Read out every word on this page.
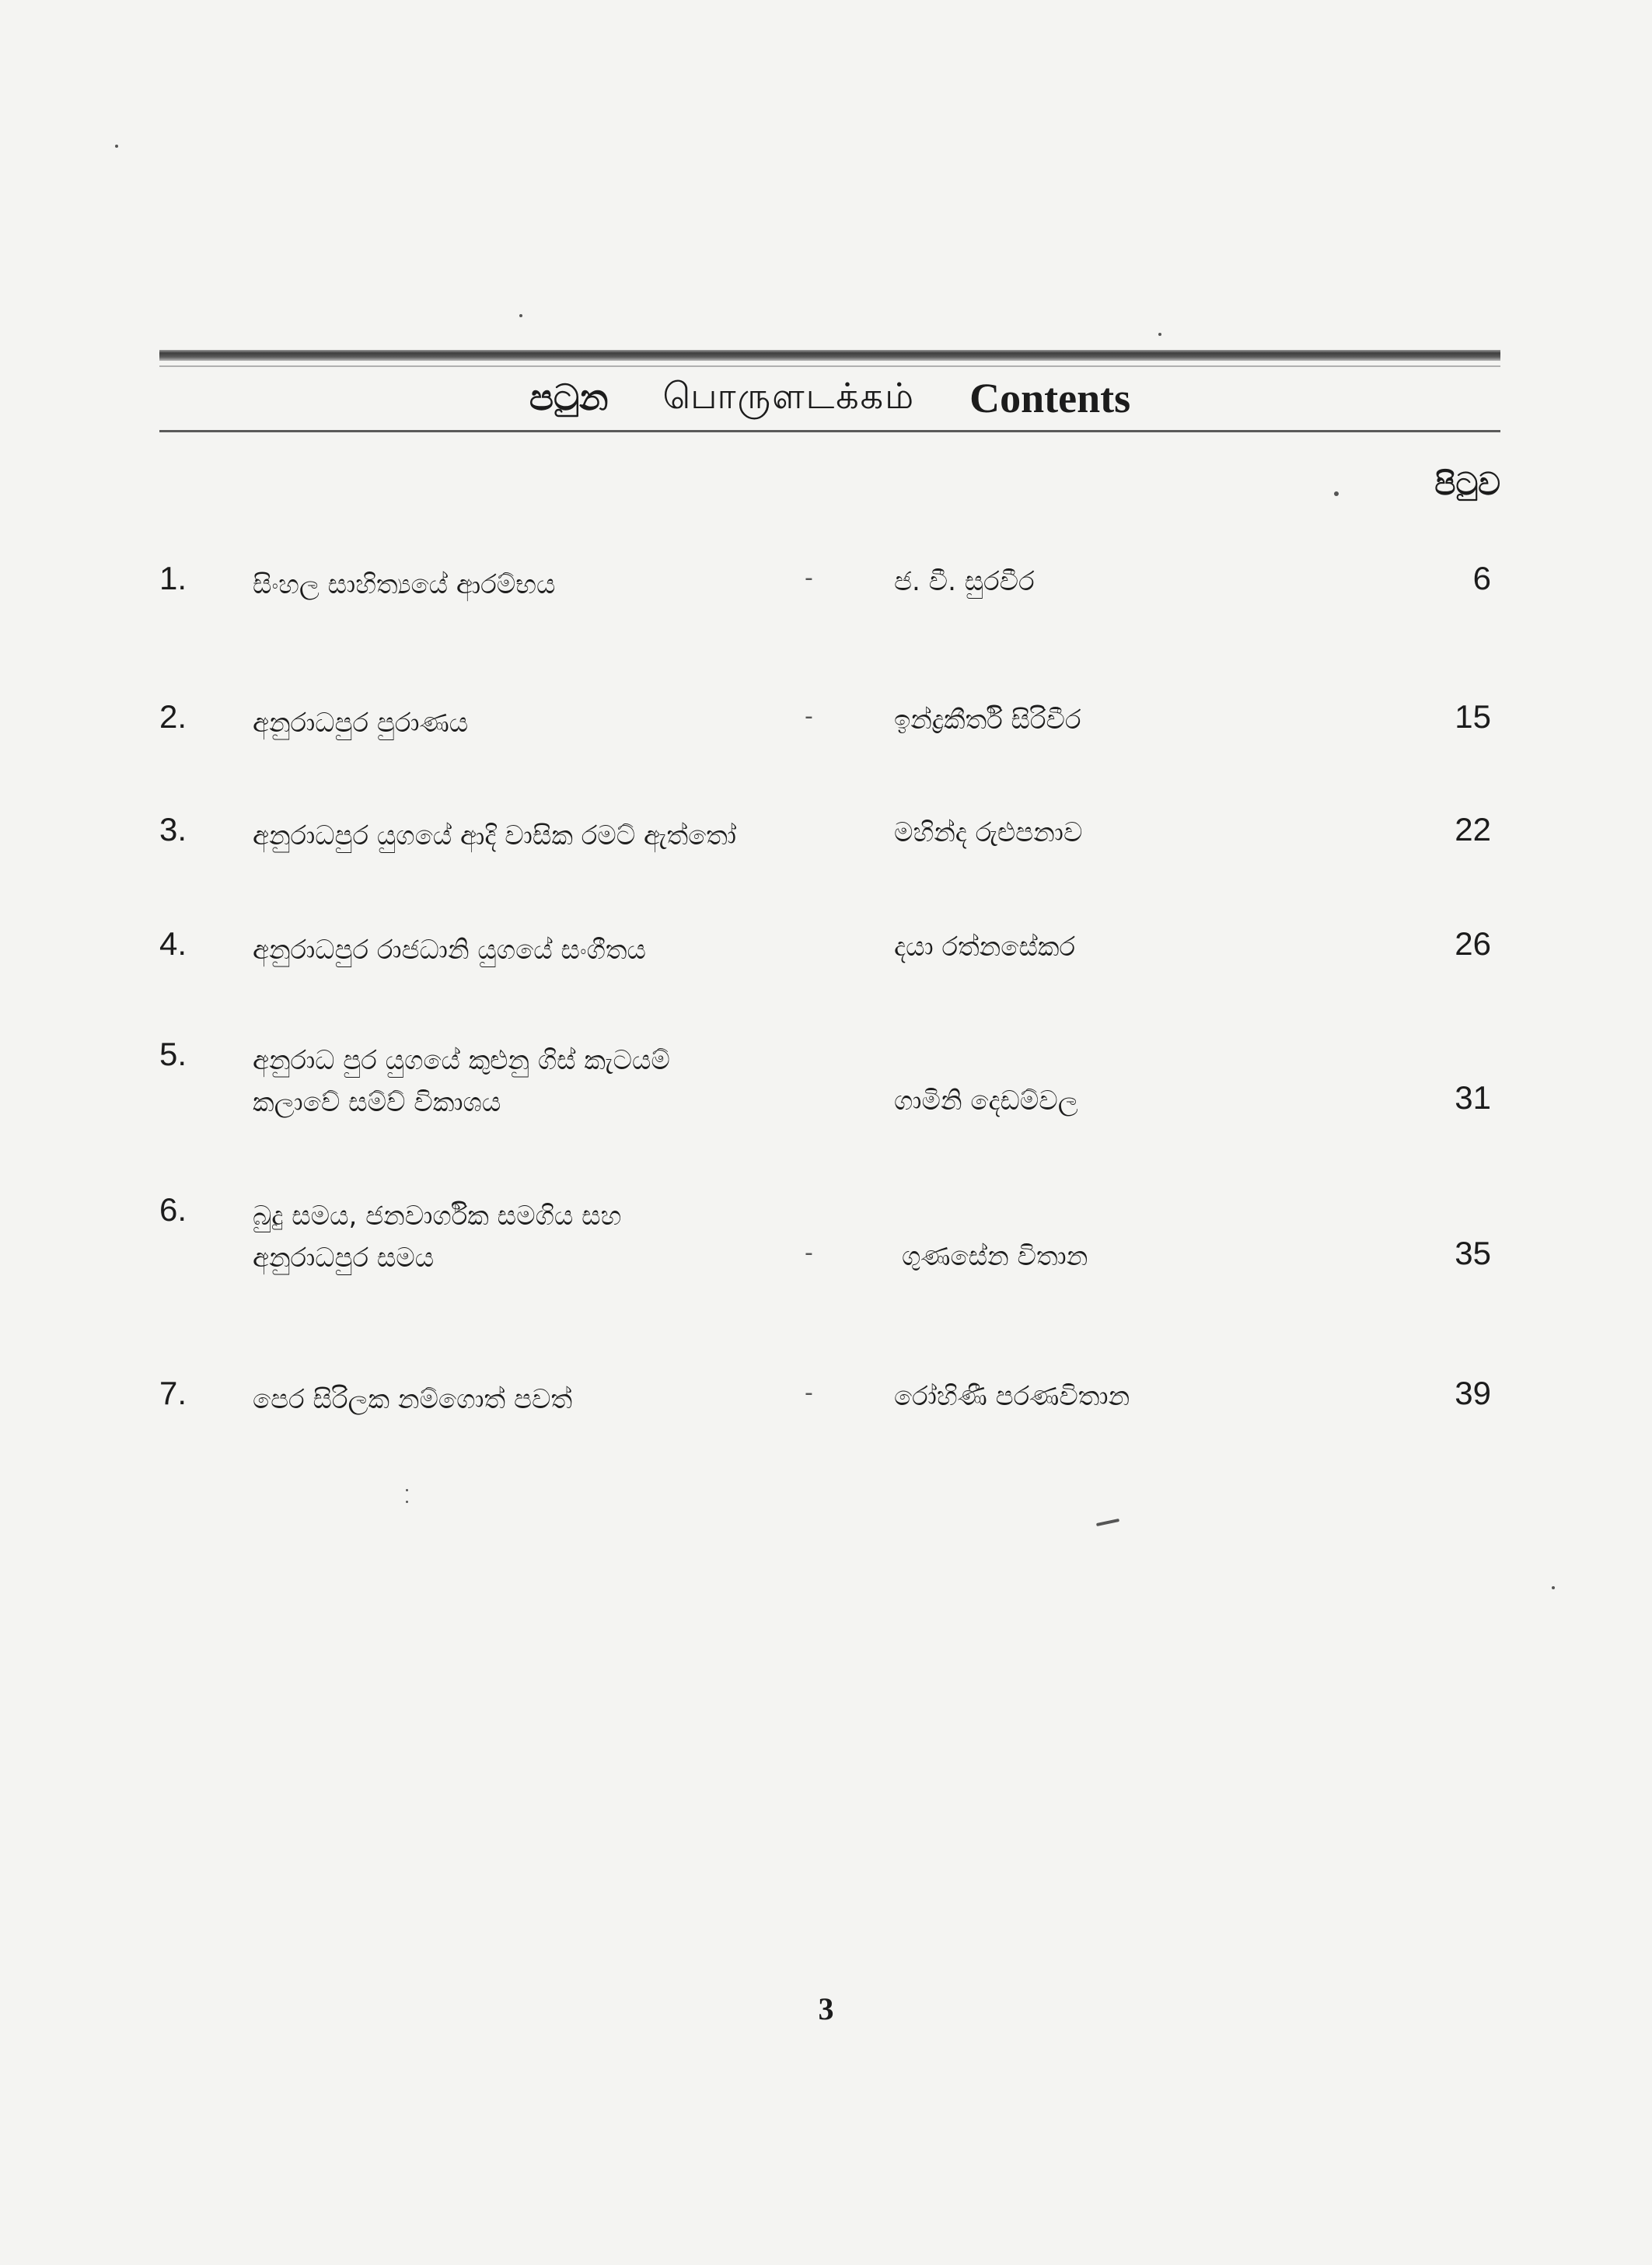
පටුන பொருளடக்கம் Contents
පිටුව
1. සිංහල සාහිත්‍යයේ ආරම්භය	-	ජ. වී. සුරවීර	6
2. අනුරාධපුර පුරාණය	-	ඉන්ද්‍රකීර්ති සිරිවීර	15
3. අනුරාධපුර යුගයේ ආදි වාසික රමට් ඇත්තෝ	මහින්ද රුළුපනාව	22
4. අනුරාධපුර රාජධානි යුගයේ සංගීතය	දයා රත්නසේකර	26
5. අනුරාධ පුර යුගයේ කුළුනු ගිස් කැටයම්
කලාවේ සම්ව් විකාශය	ගාමිනි දෙඩම්වල	31
6. බුදු සමය, ජනවාර්ගික සමගිය සහ
අනුරාධපුර සමය	-	ගුණසේන විතාන	35
7. පෙර සිරිලක නම්ගොත් පවත්	-	රෝහිණී පරණවිතාන	39
3
